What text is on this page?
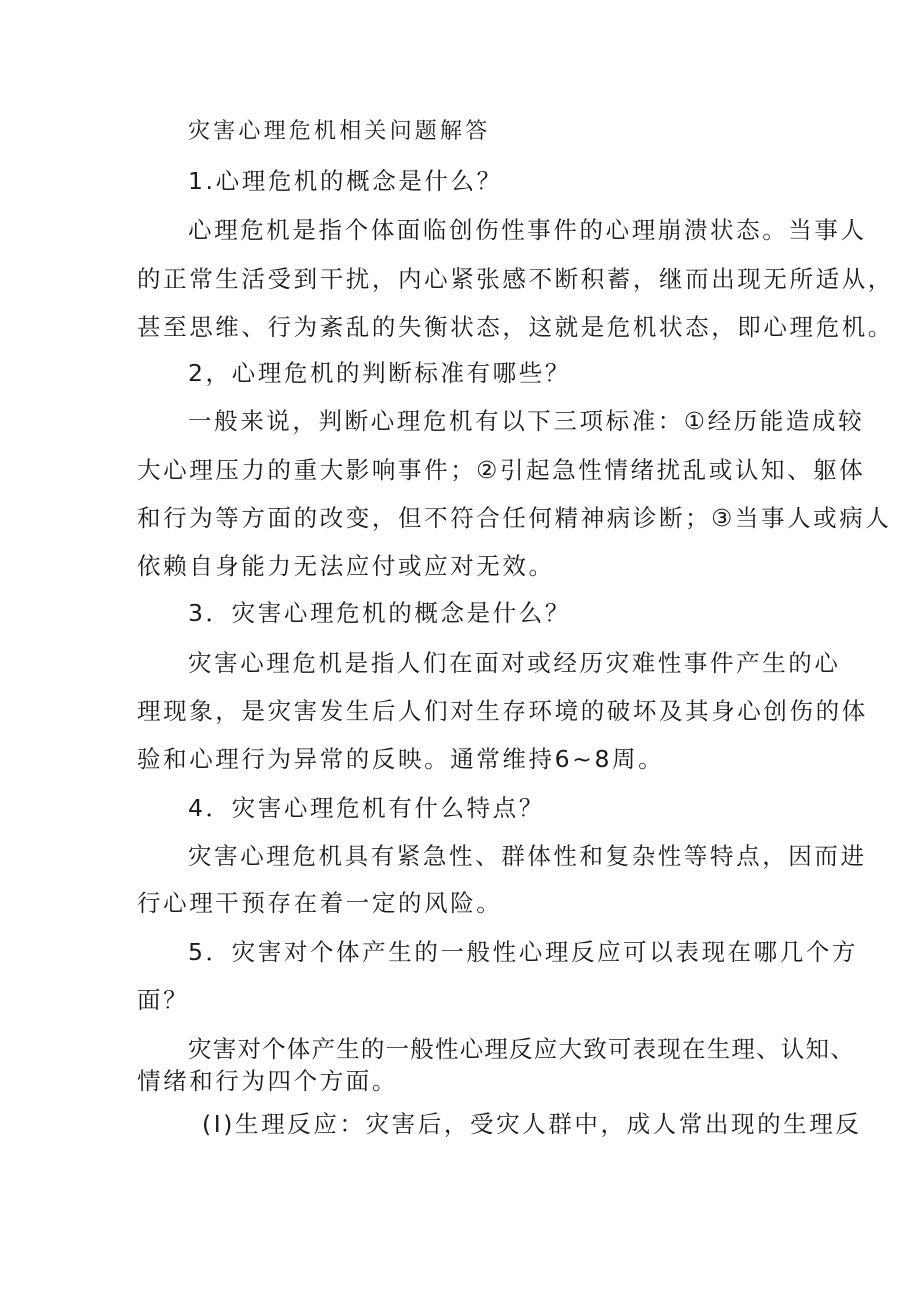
灾害心理危机相关问题解答
1.心理危机的概念是什么？
心理危机是指个体面临创伤性事件的心理崩溃状态。当事人
的正常生活受到干扰，内心紧张感不断积蓄，继而出现无所适从，
甚至思维、行为紊乱的失衡状态，这就是危机状态，即心理危机。
2，心理危机的判断标准有哪些？
一般来说，判断心理危机有以下三项标准：①经历能造成较
大心理压力的重大影响事件；②引起急性情绪扰乱或认知、躯体
和行为等方面的改变，但不符合任何精神病诊断；③当事人或病人
依赖自身能力无法应付或应对无效。
3．灾害心理危机的概念是什么？
灾害心理危机是指人们在面对或经历灾难性事件产生的心
理现象，是灾害发生后人们对生存环境的破坏及其身心创伤的体
验和心理行为异常的反映。通常维持6~8周。
4．灾害心理危机有什么特点？
灾害心理危机具有紧急性、群体性和复杂性等特点，因而进
行心理干预存在着一定的风险。
5．灾害对个体产生的一般性心理反应可以表现在哪几个方
面？
灾害对个体产生的一般性心理反应大致可表现在生理、认知、
情绪和行为四个方面。
(I)生理反应：灾害后，受灾人群中，成人常出现的生理反
